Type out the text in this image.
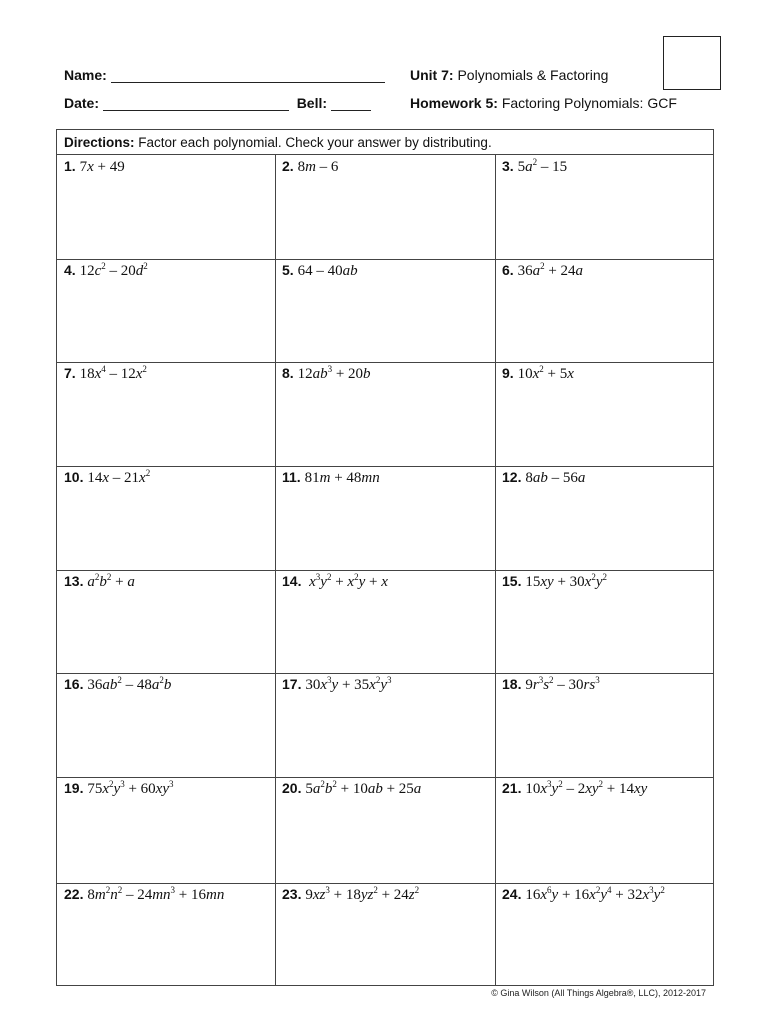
Name:
Date:	Bell:
Unit 7: Polynomials & Factoring
Homework 5: Factoring Polynomials: GCF
Directions: Factor each polynomial. Check your answer by distributing.
1. 7x + 49	2. 8m – 6	3. $5a^2 - 15$
4. $12c^2 - 20d^2$	5. 64 – 40ab	6. $36a^2 + 24a$
7. $18x^4 - 12x^2$	8. $12ab^3 + 20b$	9. $10x^2 + 5x$
10. $14x - 21x^2$	11. 81m + 48mn	12. 8ab – 56a
13. $a^2b^2 + a$	14.  $x^3y^2 + x^2y + x$	15. $15xy + 30x^2y^2$
16. $36ab^2 - 48a^2b$	17. $30x^3y + 35x^2y^3$	18. $9r^3s^2 - 30rs^3$
19. $75x^2y^3 + 60xy^3$	20. $5a^2b^2 + 10ab + 25a$	21. $10x^3y^2 - 2xy^2 + 14xy$
22. $8m^2n^2 - 24mn^3 + 16mn$	23. $9xz^3 + 18yz^2 + 24z^2$	24. $16x^6y + 16x^2y^4 + 32x^3y^2$
© Gina Wilson (All Things Algebra®, LLC), 2012-2017
